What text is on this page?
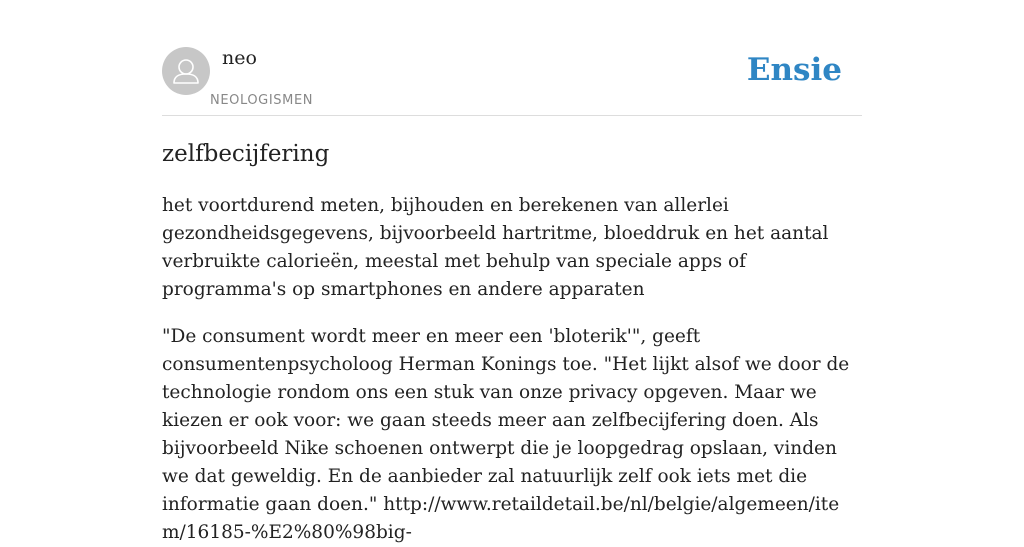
neo
NEOLOGISMEN
Ensie
zelfbecijfering

het voortdurend meten, bijhouden en berekenen van allerlei gezondheidsgegevens, bijvoorbeeld hartritme, bloeddruk en het aantal verbruikte calorieën, meestal met behulp van speciale apps of programma's op smartphones en andere apparaten

"De consument wordt meer en meer een 'bloterik'", geeft consumentenpsycholoog Herman Konings toe. "Het lijkt alsof we door de technologie rondom ons een stuk van onze privacy opgeven. Maar we kiezen er ook voor: we gaan steeds meer aan zelfbecijfering doen. Als bijvoorbeeld Nike schoenen ontwerpt die je loopgedrag opslaan, vinden we dat geweldig. En de aanbieder zal natuurlijk zelf ook iets met die informatie gaan doen." http://www.retaildetail.be/nl/belgie/algemeen/item/16185-%E2%80%98big-
